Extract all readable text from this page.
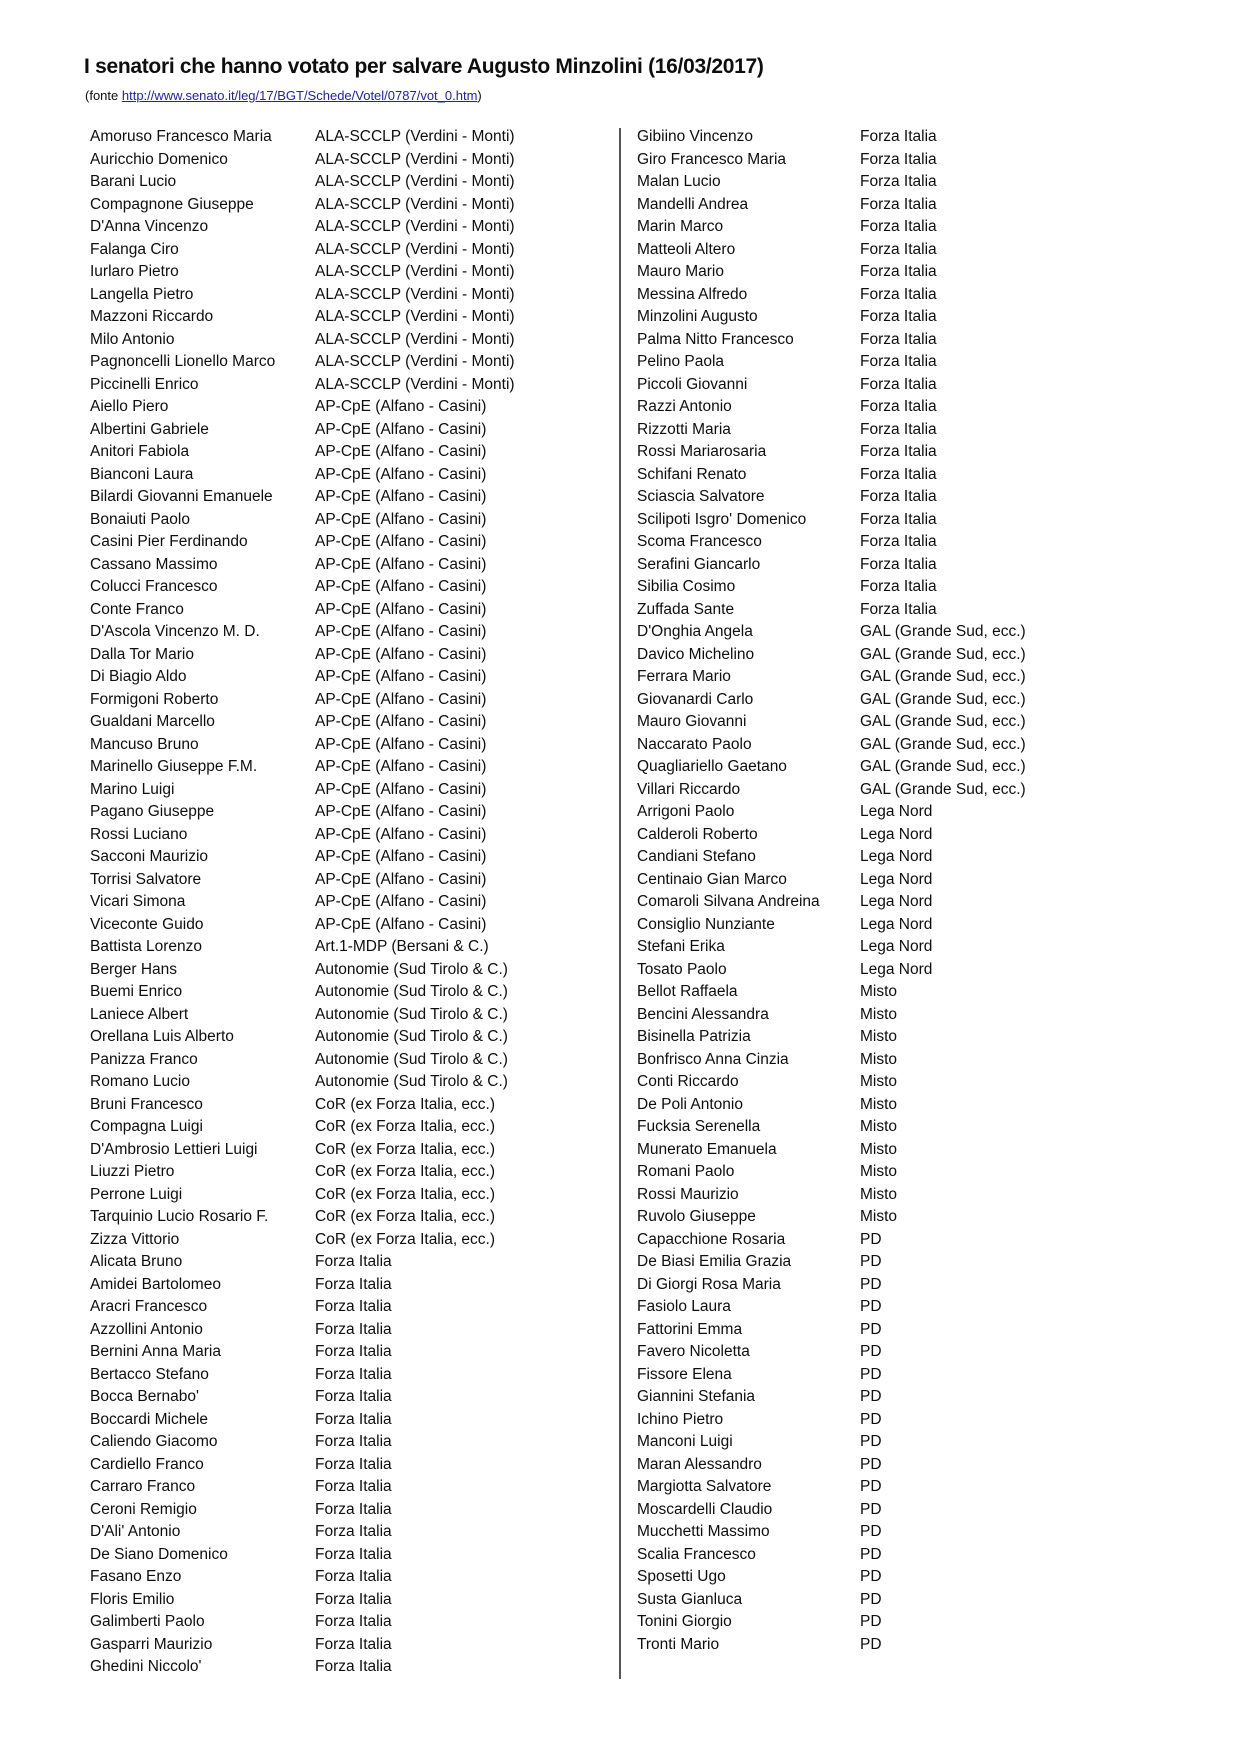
I senatori che hanno votato per salvare Augusto Minzolini (16/03/2017)
(fonte http://www.senato.it/leg/17/BGT/Schede/Votel/0787/vot_0.htm)
Amoruso Francesco Maria	ALA-SCCLP (Verdini - Monti)
Auricchio Domenico	ALA-SCCLP (Verdini - Monti)
Barani Lucio	ALA-SCCLP (Verdini - Monti)
Compagnone Giuseppe	ALA-SCCLP (Verdini - Monti)
D'Anna Vincenzo	ALA-SCCLP (Verdini - Monti)
Falanga Ciro	ALA-SCCLP (Verdini - Monti)
Iurlaro Pietro	ALA-SCCLP (Verdini - Monti)
Langella Pietro	ALA-SCCLP (Verdini - Monti)
Mazzoni Riccardo	ALA-SCCLP (Verdini - Monti)
Milo Antonio	ALA-SCCLP (Verdini - Monti)
Pagnoncelli Lionello Marco	ALA-SCCLP (Verdini - Monti)
Piccinelli Enrico	ALA-SCCLP (Verdini - Monti)
Aiello Piero	AP-CpE (Alfano - Casini)
Albertini Gabriele	AP-CpE (Alfano - Casini)
Anitori Fabiola	AP-CpE (Alfano - Casini)
Bianconi Laura	AP-CpE (Alfano - Casini)
Bilardi Giovanni Emanuele	AP-CpE (Alfano - Casini)
Bonaiuti Paolo	AP-CpE (Alfano - Casini)
Casini Pier Ferdinando	AP-CpE (Alfano - Casini)
Cassano Massimo	AP-CpE (Alfano - Casini)
Colucci Francesco	AP-CpE (Alfano - Casini)
Conte Franco	AP-CpE (Alfano - Casini)
D'Ascola Vincenzo M. D.	AP-CpE (Alfano - Casini)
Dalla Tor Mario	AP-CpE (Alfano - Casini)
Di Biagio Aldo	AP-CpE (Alfano - Casini)
Formigoni Roberto	AP-CpE (Alfano - Casini)
Gualdani Marcello	AP-CpE (Alfano - Casini)
Mancuso Bruno	AP-CpE (Alfano - Casini)
Marinello Giuseppe F.M.	AP-CpE (Alfano - Casini)
Marino Luigi	AP-CpE (Alfano - Casini)
Pagano Giuseppe	AP-CpE (Alfano - Casini)
Rossi Luciano	AP-CpE (Alfano - Casini)
Sacconi Maurizio	AP-CpE (Alfano - Casini)
Torrisi Salvatore	AP-CpE (Alfano - Casini)
Vicari Simona	AP-CpE (Alfano - Casini)
Viceconte Guido	AP-CpE (Alfano - Casini)
Battista Lorenzo	Art.1-MDP (Bersani & C.)
Berger Hans	Autonomie (Sud Tirolo & C.)
Buemi Enrico	Autonomie (Sud Tirolo & C.)
Laniece Albert	Autonomie (Sud Tirolo & C.)
Orellana Luis Alberto	Autonomie (Sud Tirolo & C.)
Panizza Franco	Autonomie (Sud Tirolo & C.)
Romano Lucio	Autonomie (Sud Tirolo & C.)
Bruni Francesco	CoR (ex Forza Italia, ecc.)
Compagna Luigi	CoR (ex Forza Italia, ecc.)
D'Ambrosio Lettieri Luigi	CoR (ex Forza Italia, ecc.)
Liuzzi Pietro	CoR (ex Forza Italia, ecc.)
Perrone Luigi	CoR (ex Forza Italia, ecc.)
Tarquinio Lucio Rosario F.	CoR (ex Forza Italia, ecc.)
Zizza Vittorio	CoR (ex Forza Italia, ecc.)
Alicata Bruno	Forza Italia
Amidei Bartolomeo	Forza Italia
Aracri Francesco	Forza Italia
Azzollini Antonio	Forza Italia
Bernini Anna Maria	Forza Italia
Bertacco Stefano	Forza Italia
Bocca Bernabo'	Forza Italia
Boccardi Michele	Forza Italia
Caliendo Giacomo	Forza Italia
Cardiello Franco	Forza Italia
Carraro Franco	Forza Italia
Ceroni Remigio	Forza Italia
D'Ali' Antonio	Forza Italia
De Siano Domenico	Forza Italia
Fasano Enzo	Forza Italia
Floris Emilio	Forza Italia
Galimberti Paolo	Forza Italia
Gasparri Maurizio	Forza Italia
Ghedini Niccolo'	Forza Italia
Gibiino Vincenzo	Forza Italia
Giro Francesco Maria	Forza Italia
Malan Lucio	Forza Italia
Mandelli Andrea	Forza Italia
Marin Marco	Forza Italia
Matteoli Altero	Forza Italia
Mauro Mario	Forza Italia
Messina Alfredo	Forza Italia
Minzolini Augusto	Forza Italia
Palma Nitto Francesco	Forza Italia
Pelino Paola	Forza Italia
Piccoli Giovanni	Forza Italia
Razzi Antonio	Forza Italia
Rizzotti Maria	Forza Italia
Rossi Mariarosaria	Forza Italia
Schifani Renato	Forza Italia
Sciascia Salvatore	Forza Italia
Scilipoti Isgro' Domenico	Forza Italia
Scoma Francesco	Forza Italia
Serafini Giancarlo	Forza Italia
Sibilia Cosimo	Forza Italia
Zuffada Sante	Forza Italia
D'Onghia Angela	GAL (Grande Sud, ecc.)
Davico Michelino	GAL (Grande Sud, ecc.)
Ferrara Mario	GAL (Grande Sud, ecc.)
Giovanardi Carlo	GAL (Grande Sud, ecc.)
Mauro Giovanni	GAL (Grande Sud, ecc.)
Naccarato Paolo	GAL (Grande Sud, ecc.)
Quagliariello Gaetano	GAL (Grande Sud, ecc.)
Villari Riccardo	GAL (Grande Sud, ecc.)
Arrigoni Paolo	Lega Nord
Calderoli Roberto	Lega Nord
Candiani Stefano	Lega Nord
Centinaio Gian Marco	Lega Nord
Comaroli Silvana Andreina	Lega Nord
Consiglio Nunziante	Lega Nord
Stefani Erika	Lega Nord
Tosato Paolo	Lega Nord
Bellot Raffaela	Misto
Bencini Alessandra	Misto
Bisinella Patrizia	Misto
Bonfrisco Anna Cinzia	Misto
Conti Riccardo	Misto
De Poli Antonio	Misto
Fucksia Serenella	Misto
Munerato Emanuela	Misto
Romani Paolo	Misto
Rossi Maurizio	Misto
Ruvolo Giuseppe	Misto
Capacchione Rosaria	PD
De Biasi Emilia Grazia	PD
Di Giorgi Rosa Maria	PD
Fasiolo Laura	PD
Fattorini Emma	PD
Favero Nicoletta	PD
Fissore Elena	PD
Giannini Stefania	PD
Ichino Pietro	PD
Manconi Luigi	PD
Maran Alessandro	PD
Margiotta Salvatore	PD
Moscardelli Claudio	PD
Mucchetti Massimo	PD
Scalia Francesco	PD
Sposetti Ugo	PD
Susta Gianluca	PD
Tonini Giorgio	PD
Tronti Mario	PD
